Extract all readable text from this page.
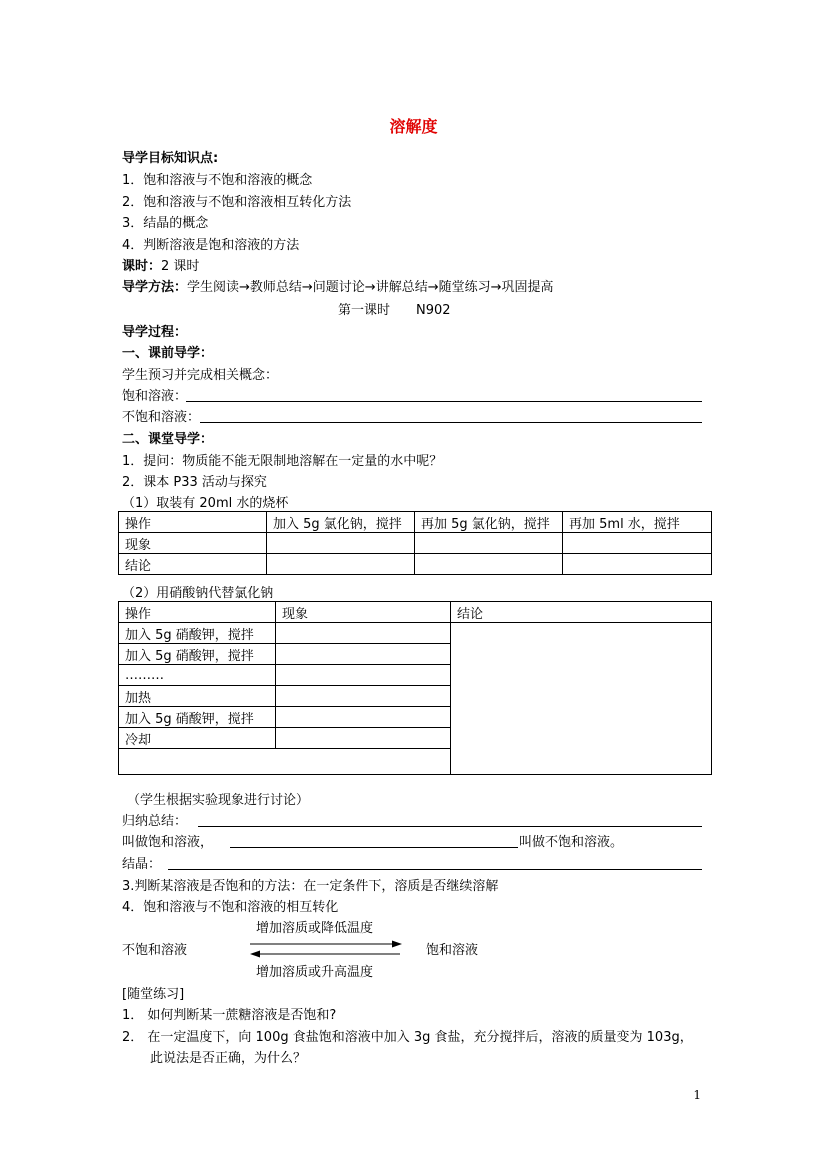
溶解度
导学目标知识点:
1．饱和溶液与不饱和溶液的概念
2．饱和溶液与不饱和溶液相互转化方法
3．结晶的概念
4．判断溶液是饱和溶液的方法
课时：2 课时
导学方法：学生阅读→教师总结→问题讨论→讲解总结→随堂练习→巩固提高
第一课时　　N902
导学过程：
一、课前导学：
学生预习并完成相关概念：
饱和溶液：
不饱和溶液：
二、课堂导学：
1．提问：物质能不能无限制地溶解在一定量的水中呢？
2．课本 P33 活动与探究
（1）取装有 20ml 水的烧杯
操作	加入 5g 氯化钠，搅拌	再加 5g 氯化钠，搅拌	再加 5ml 水，搅拌
现象			
结论			
（2）用硝酸钠代替氯化钠
操作	现象	结论
加入 5g 硝酸钾，搅拌		
加入 5g 硝酸钾，搅拌		
………		
加热		
加入 5g 硝酸钾，搅拌		
冷却		

（学生根据实验现象进行讨论）
归纳总结：
叫做饱和溶液，	叫做不饱和溶液。
结晶：
3.判断某溶液是否饱和的方法：在一定条件下，溶质是否继续溶解
4．饱和溶液与不饱和溶液的相互转化
增加溶质或降低温度
不饱和溶液	饱和溶液
增加溶质或升高温度
[随堂练习]
1． 如何判断某一蔗糖溶液是否饱和?
2． 在一定温度下，向 100g 食盐饱和溶液中加入 3g 食盐，充分搅拌后，溶液的质量变为 103g，
此说法是否正确，为什么？
1
